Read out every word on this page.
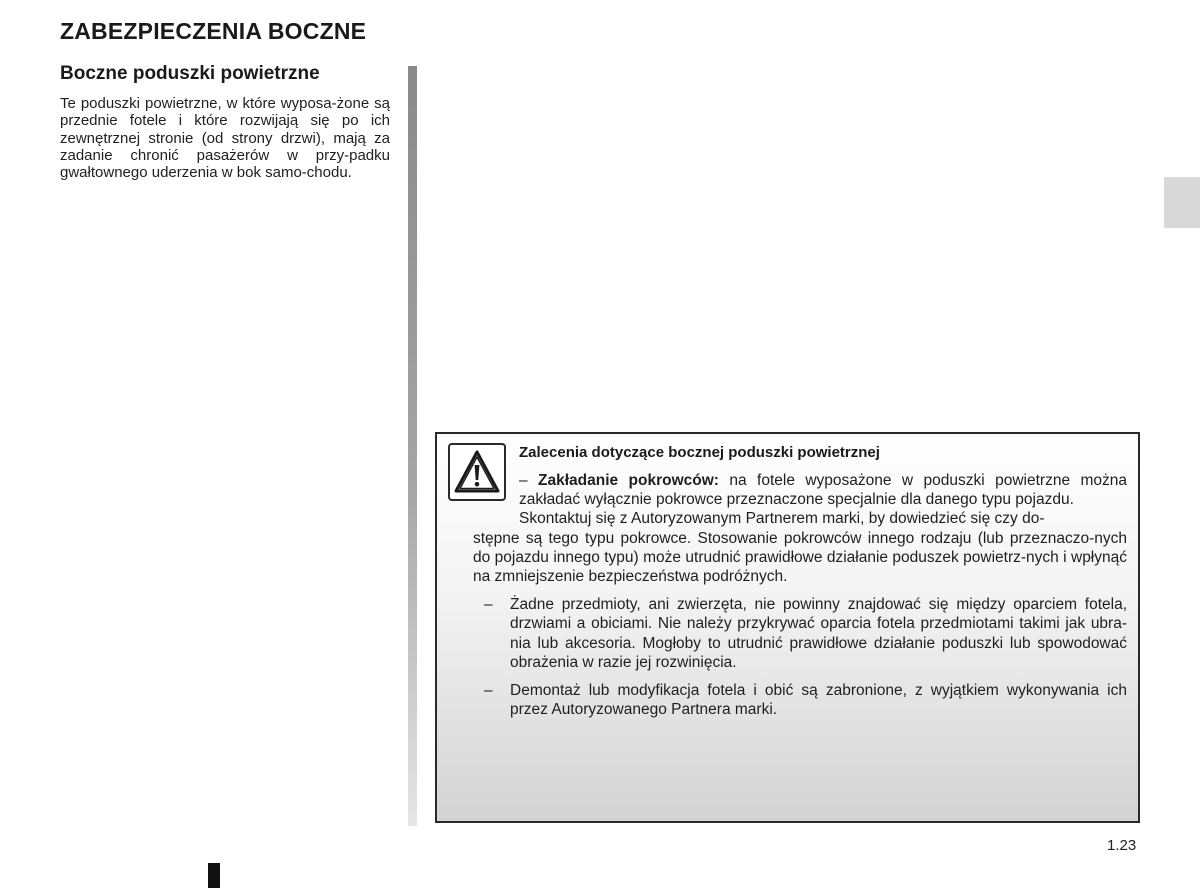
ZABEZPIECZENIA BOCZNE
Boczne poduszki powietrzne
Te poduszki powietrzne, w które wyposa-żone są przednie fotele i które rozwijają się po ich zewnętrznej stronie (od strony drzwi), mają za zadanie chronić pasażerów w przy-padku gwałtownego uderzenia w bok samo-chodu.
Zalecenia dotyczące bocznej poduszki powietrznej
– Zakładanie pokrowców: na fotele wyposażone w poduszki powietrzne można zakładać wyłącznie pokrowce przeznaczone specjalnie dla danego typu pojazdu.
Skontaktuj się z Autoryzowanym Partnerem marki, by dowiedzieć się czy do-
stępne są tego typu pokrowce. Stosowanie pokrowców innego rodzaju (lub przeznaczo-nych do pojazdu innego typu) może utrudnić prawidłowe działanie poduszek powietrz-nych i wpłynąć na zmniejszenie bezpieczeństwa podróżnych.
– Żadne przedmioty, ani zwierzęta, nie powinny znajdować się między oparciem fotela, drzwiami a obiciami. Nie należy przykrywać oparcia fotela przedmiotami takimi jak ubra-nia lub akcesoria. Mogłoby to utrudnić prawidłowe działanie poduszki lub spowodować obrażenia w razie jej rozwinięcia.
– Demontaż lub modyfikacja fotela i obić są zabronione, z wyjątkiem wykonywania ich przez Autoryzowanego Partnera marki.
1.23
